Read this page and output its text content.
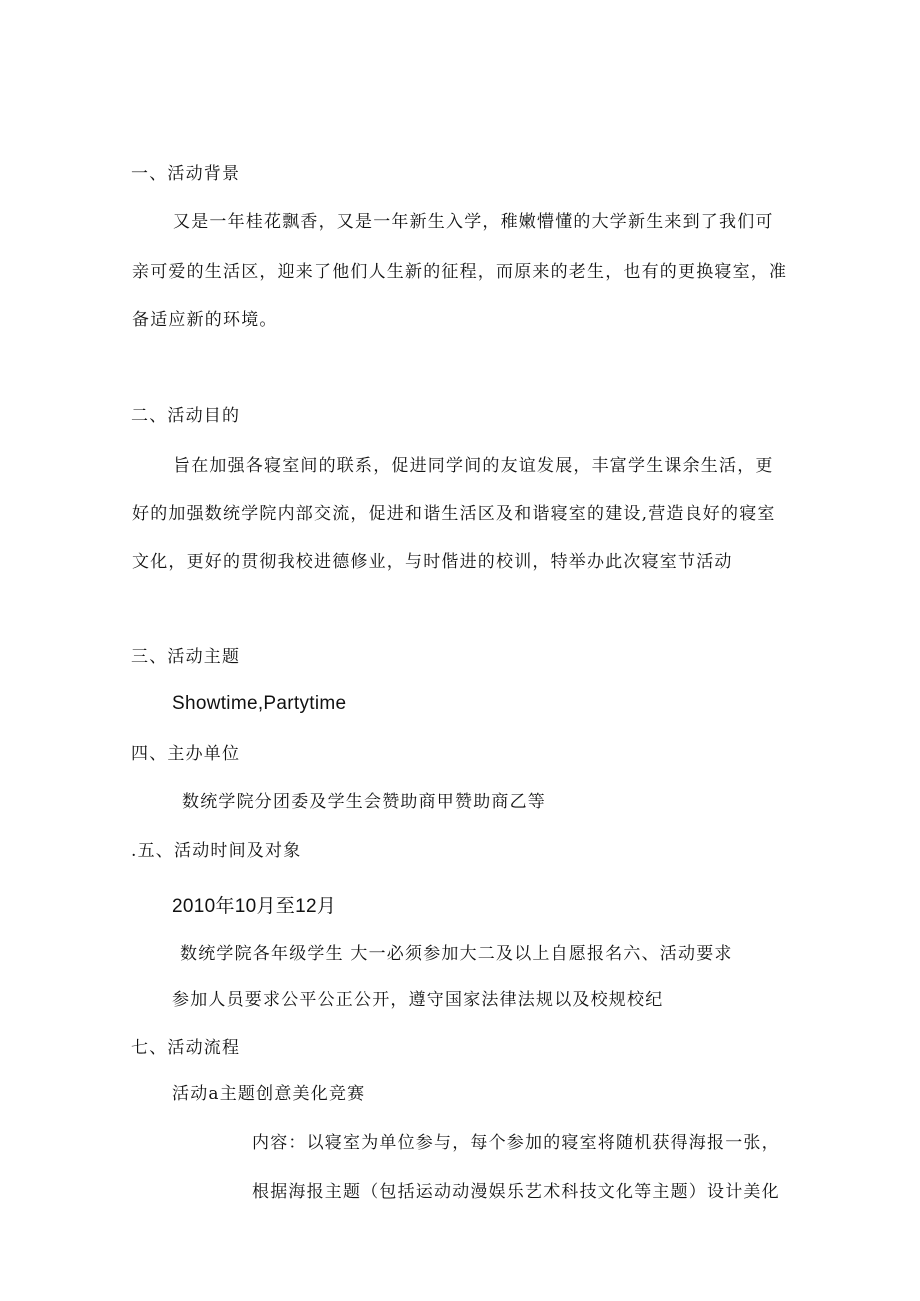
一、活动背景
又是一年桂花飘香，又是一年新生入学，稚嫩懵懂的大学新生来到了我们可
亲可爱的生活区，迎来了他们人生新的征程，而原来的老生，也有的更换寝室，准
备适应新的环境。
二、活动目的
旨在加强各寝室间的联系，促进同学间的友谊发展，丰富学生课余生活，更
好的加强数统学院内部交流，促进和谐生活区及和谐寝室的建设,营造良好的寝室
文化，更好的贯彻我校进德修业，与时偕进的校训，特举办此次寝室节活动
三、活动主题
Showtime,Partytime
四、主办单位
数统学院分团委及学生会赞助商甲赞助商乙等
.五、活动时间及对象
2010年10月至12月
数统学院各年级学生 大一必须参加大二及以上自愿报名六、活动要求
参加人员要求公平公正公开，遵守国家法律法规以及校规校纪
七、活动流程
活动a主题创意美化竞赛
内容：以寝室为单位参与，每个参加的寝室将随机获得海报一张，
根据海报主题（包括运动动漫娱乐艺术科技文化等主题）设计美化
